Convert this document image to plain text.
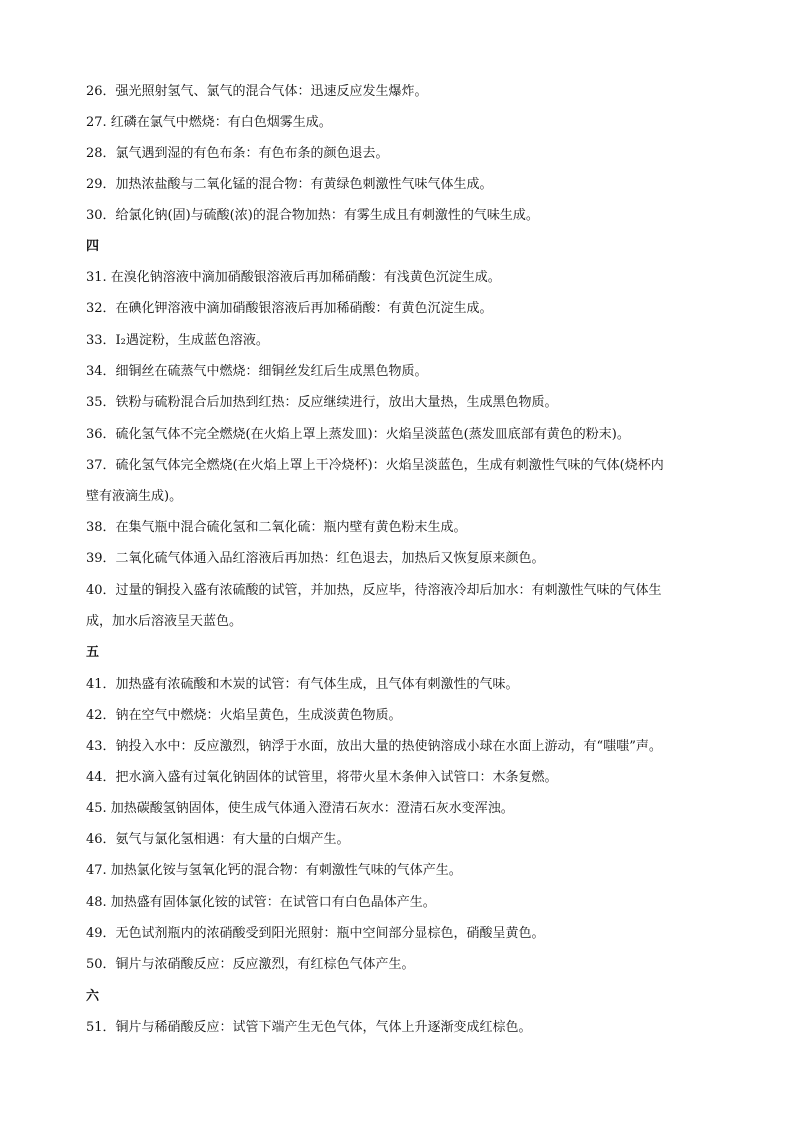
26．强光照射氢气、氯气的混合气体：迅速反应发生爆炸。
27. 红磷在氯气中燃烧：有白色烟雾生成。
28．氯气遇到湿的有色布条：有色布条的颜色退去。
29．加热浓盐酸与二氧化锰的混合物：有黄绿色刺激性气味气体生成。
30．给氯化钠(固)与硫酸(浓)的混合物加热：有雾生成且有刺激性的气味生成。
四
31. 在溴化钠溶液中滴加硝酸银溶液后再加稀硝酸：有浅黄色沉淀生成。
32．在碘化钾溶液中滴加硝酸银溶液后再加稀硝酸：有黄色沉淀生成。
33．I₂遇淀粉，生成蓝色溶液。
34．细铜丝在硫蒸气中燃烧：细铜丝发红后生成黑色物质。
35．铁粉与硫粉混合后加热到红热：反应继续进行，放出大量热，生成黑色物质。
36．硫化氢气体不完全燃烧(在火焰上罩上蒸发皿)：火焰呈淡蓝色(蒸发皿底部有黄色的粉末)。
37．硫化氢气体完全燃烧(在火焰上罩上干冷烧杯)：火焰呈淡蓝色，生成有刺激性气味的气体(烧杯内
壁有液滴生成)。
38．在集气瓶中混合硫化氢和二氧化硫：瓶内壁有黄色粉末生成。
39．二氧化硫气体通入品红溶液后再加热：红色退去，加热后又恢复原来颜色。
40．过量的铜投入盛有浓硫酸的试管，并加热，反应毕，待溶液冷却后加水：有刺激性气味的气体生
成，加水后溶液呈天蓝色。
五
41．加热盛有浓硫酸和木炭的试管：有气体生成，且气体有刺激性的气味。
42．钠在空气中燃烧：火焰呈黄色，生成淡黄色物质。
43．钠投入水中：反应激烈，钠浮于水面，放出大量的热使钠溶成小球在水面上游动，有“嗤嗤”声。
44．把水滴入盛有过氧化钠固体的试管里，将带火星木条伸入试管口：木条复燃。
45. 加热碳酸氢钠固体，使生成气体通入澄清石灰水：澄清石灰水变浑浊。
46．氨气与氯化氢相遇：有大量的白烟产生。
47. 加热氯化铵与氢氧化钙的混合物：有刺激性气味的气体产生。
48. 加热盛有固体氯化铵的试管：在试管口有白色晶体产生。
49．无色试剂瓶内的浓硝酸受到阳光照射：瓶中空间部分显棕色，硝酸呈黄色。
50．铜片与浓硝酸反应：反应激烈，有红棕色气体产生。
六
51．铜片与稀硝酸反应：试管下端产生无色气体，气体上升逐渐变成红棕色。
